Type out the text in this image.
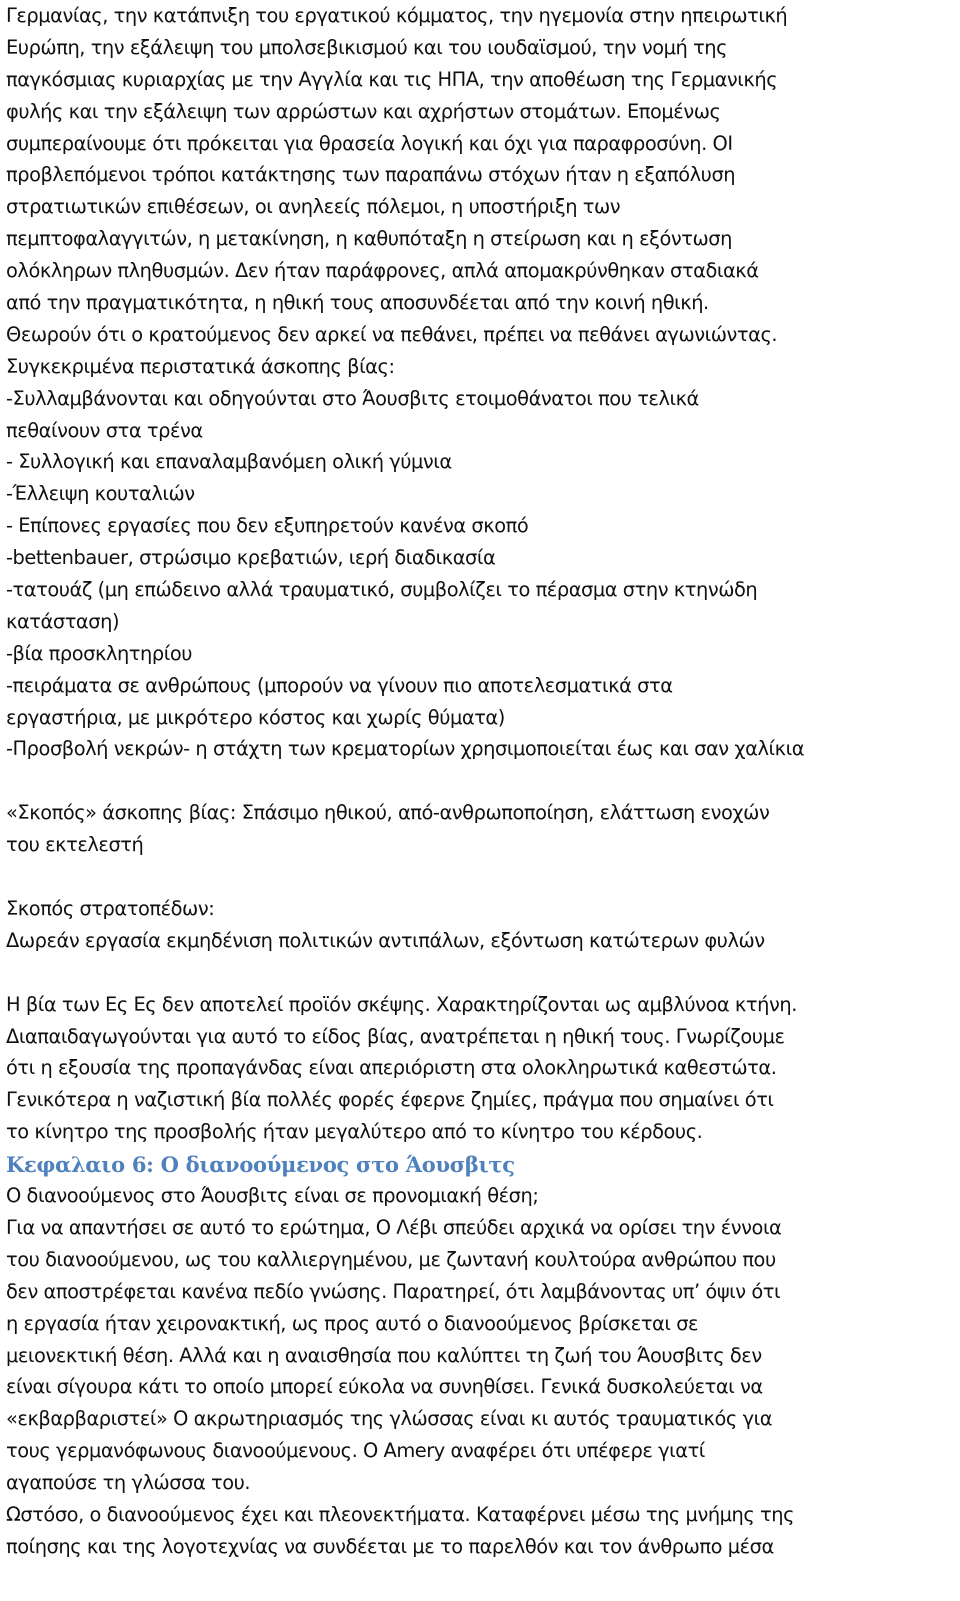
Γερμανίας, την κατάπνιξη του εργατικού κόμματος, την ηγεμονία στην ηπειρωτική
Ευρώπη, την εξάλειψη του μπολσεβικισμού και του ιουδαϊσμού, την νομή της
παγκόσμιας κυριαρχίας με την Αγγλία και τις ΗΠΑ, την αποθέωση της Γερμανικής
φυλής και την εξάλειψη των αρρώστων και αχρήστων στομάτων. Επομένως
συμπεραίνουμε ότι πρόκειται για θρασεία λογική και όχι για παραφροσύνη. ΟΙ
προβλεπόμενοι τρόποι κατάκτησης των παραπάνω στόχων ήταν η εξαπόλυση
στρατιωτικών επιθέσεων, οι ανηλεείς πόλεμοι, η υποστήριξη των
πεμπτοφαλαγγιτών, η μετακίνηση, η καθυπόταξη η στείρωση και η εξόντωση
ολόκληρων πληθυσμών. Δεν ήταν παράφρονες, απλά απομακρύνθηκαν σταδιακά
από την πραγματικότητα, η ηθική τους αποσυνδέεται από την κοινή ηθική.
Θεωρούν ότι ο κρατούμενος δεν αρκεί να πεθάνει, πρέπει να πεθάνει αγωνιώντας.
Συγκεκριμένα περιστατικά άσκοπης βίας:
-Συλλαμβάνονται και οδηγούνται στο Άουσβιτς ετοιμοθάνατοι που τελικά
πεθαίνουν στα τρένα
- Συλλογική και επαναλαμβανόμεη ολική γύμνια
-Έλλειψη κουταλιών
- Επίπονες εργασίες που δεν εξυπηρετούν κανένα σκοπό
-bettenbauer, στρώσιμο κρεβατιών, ιερή διαδικασία
-τατουάζ (μη επώδεινο αλλά τραυματικό, συμβολίζει το πέρασμα στην κτηνώδη
κατάσταση)
-βία προσκλητηρίου
-πειράματα σε ανθρώπους (μπορούν να γίνουν πιο αποτελεσματικά στα
εργαστήρια, με μικρότερο κόστος και χωρίς θύματα)
-Προσβολή νεκρών- η στάχτη των κρεματορίων χρησιμοποιείται έως και σαν χαλίκια
«Σκοπός» άσκοπης βίας: Σπάσιμο ηθικού, από-ανθρωποποίηση, ελάττωση ενοχών
του εκτελεστή
Σκοπός στρατοπέδων:
Δωρεάν εργασία εκμηδένιση πολιτικών αντιπάλων, εξόντωση κατώτερων φυλών
Η βία των Ες Ες δεν αποτελεί προϊόν σκέψης. Χαρακτηρίζονται ως αμβλύνοα κτήνη.
Διαπαιδαγωγούνται για αυτό το είδος βίας, ανατρέπεται η ηθική τους. Γνωρίζουμε
ότι η εξουσία της προπαγάνδας είναι απεριόριστη στα ολοκληρωτικά καθεστώτα.
Γενικότερα η ναζιστική βία πολλές φορές έφερνε ζημίες, πράγμα που σημαίνει ότι
το κίνητρο της προσβολής ήταν μεγαλύτερο από το κίνητρο του κέρδους.
Κεφαλαιο 6: Ο διανοούμενος στο Άουσβιτς
Ο διανοούμενος στο Άουσβιτς είναι σε προνομιακή θέση;
Για να απαντήσει σε αυτό το ερώτημα, Ο Λέβι σπεύδει αρχικά να ορίσει την έννοια
του διανοούμενου, ως του καλλιεργημένου, με ζωντανή κουλτούρα ανθρώπου που
δεν αποστρέφεται κανένα πεδίο γνώσης. Παρατηρεί, ότι λαμβάνοντας υπ’ όψιν ότι
η εργασία ήταν χειρονακτική, ως προς αυτό ο διανοούμενος βρίσκεται σε
μειονεκτική θέση. Αλλά και η αναισθησία που καλύπτει τη ζωή του Άουσβιτς δεν
είναι σίγουρα κάτι το οποίο μπορεί εύκολα να συνηθίσει. Γενικά δυσκολεύεται να
«εκβαρβαριστεί» Ο ακρωτηριασμός της γλώσσας είναι κι αυτός τραυματικός για
τους γερμανόφωνους διανοούμενους. Ο Amery αναφέρει ότι υπέφερε γιατί
αγαπούσε τη γλώσσα του.
Ωστόσο, ο διανοούμενος έχει και πλεονεκτήματα. Καταφέρνει μέσω της μνήμης της
ποίησης και της λογοτεχνίας να συνδέεται με το παρελθόν και τον άνθρωπο μέσα
